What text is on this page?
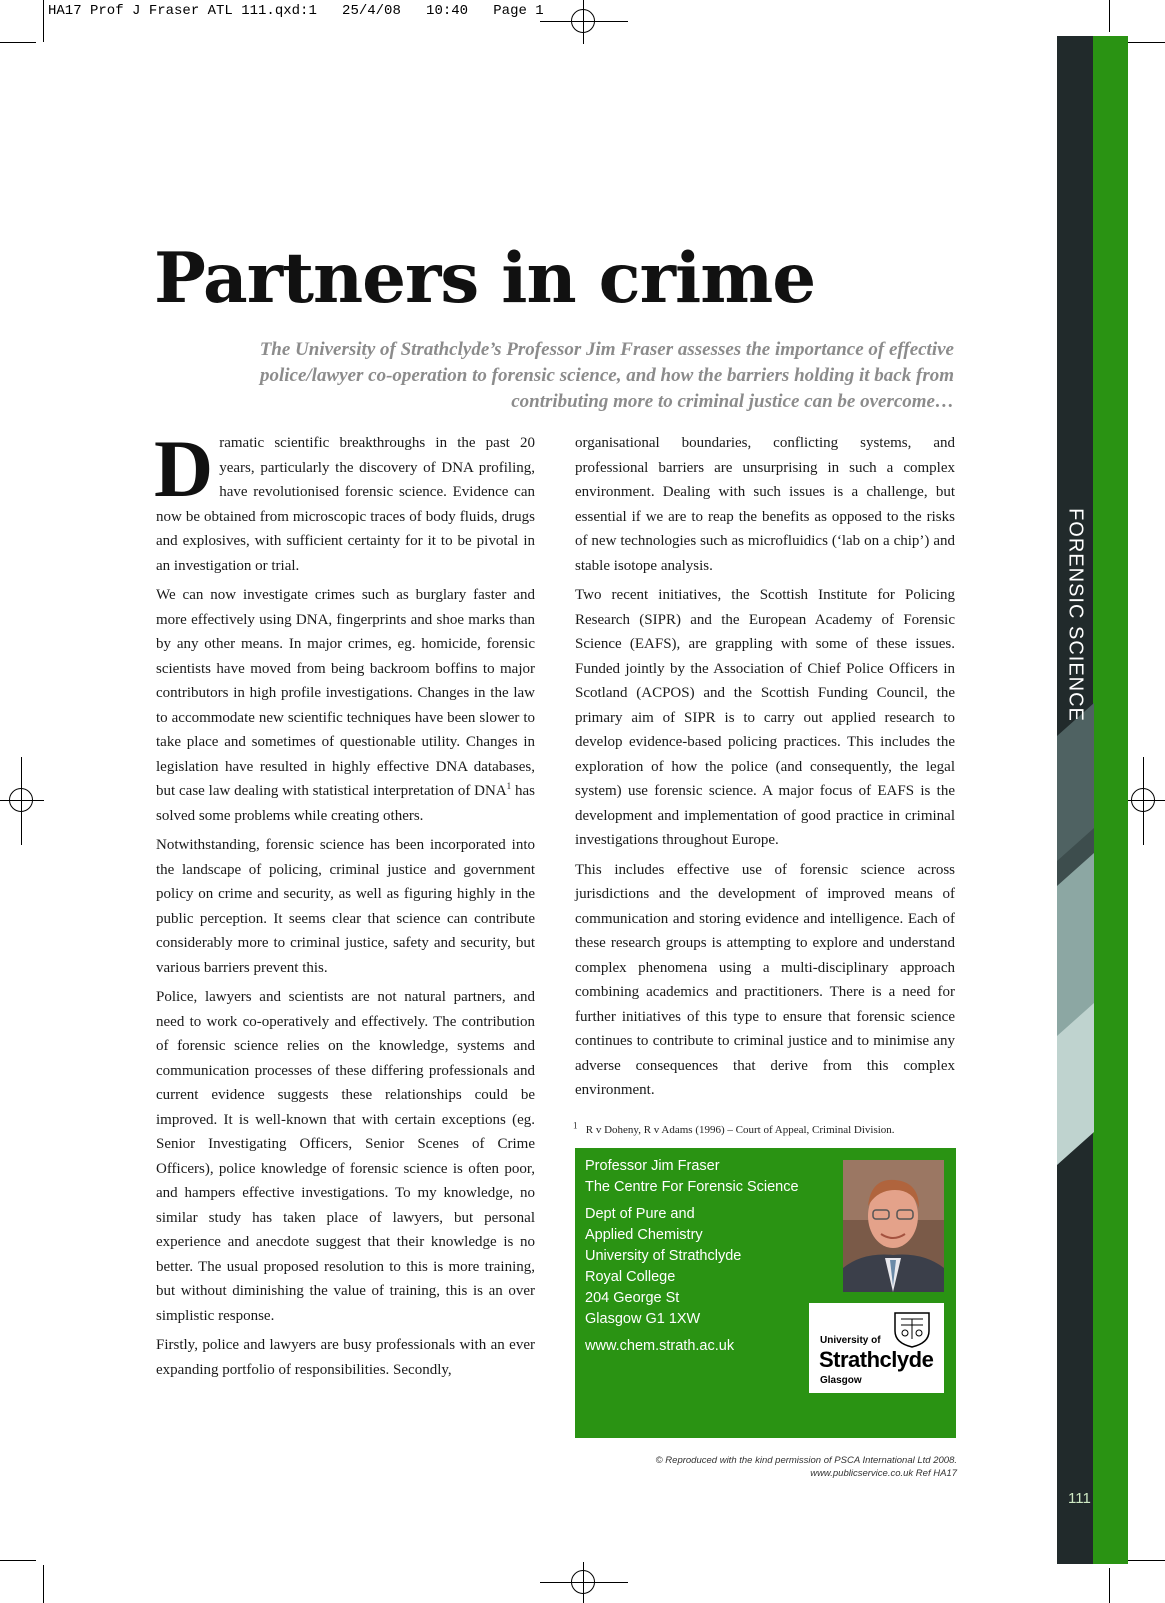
HA17 Prof J Fraser ATL 111.qxd:1   25/4/08   10:40   Page 1
FORENSIC SCIENCE
111
Partners in crime

The University of Strathclyde’s Professor Jim Fraser assesses the importance of effective police/lawyer co-operation to forensic science, and how the barriers holding it back from contributing more to criminal justice can be overcome…

Dramatic scientific breakthroughs in the past 20 years, particularly the discovery of DNA profiling, have revolutionised forensic science. Evidence can now be obtained from microscopic traces of body fluids, drugs and explosives, with sufficient certainty for it to be pivotal in an investigation or trial.

We can now investigate crimes such as burglary faster and more effectively using DNA, fingerprints and shoe marks than by any other means. In major crimes, eg. homicide, forensic scientists have moved from being backroom boffins to major contributors in high profile investigations. Changes in the law to accommodate new scientific techniques have been slower to take place and sometimes of questionable utility. Changes in legislation have resulted in highly effective DNA databases, but case law dealing with statistical interpretation of DNA$^1$ has solved some problems while creating others.

Notwithstanding, forensic science has been incorporated into the landscape of policing, criminal justice and government policy on crime and security, as well as figuring highly in the public perception. It seems clear that science can contribute considerably more to criminal justice, safety and security, but various barriers prevent this.

Police, lawyers and scientists are not natural partners, and need to work co-operatively and effectively. The contribution of forensic science relies on the knowledge, systems and communication processes of these differing professionals and current evidence suggests these relationships could be improved. It is well-known that with certain exceptions (eg. Senior Investigating Officers, Senior Scenes of Crime Officers), police knowledge of forensic science is often poor, and hampers effective investigations. To my knowledge, no similar study has taken place of lawyers, but personal experience and anecdote suggest that their knowledge is no better. The usual proposed resolution to this is more training, but without diminishing the value of training, this is an over simplistic response.

Firstly, police and lawyers are busy professionals with an ever expanding portfolio of responsibilities. Secondly,

organisational boundaries, conflicting systems, and professional barriers are unsurprising in such a complex environment. Dealing with such issues is a challenge, but essential if we are to reap the benefits as opposed to the risks of new technologies such as microfluidics (‘lab on a chip’) and stable isotope analysis.

Two recent initiatives, the Scottish Institute for Policing Research (SIPR) and the European Academy of Forensic Science (EAFS), are grappling with some of these issues. Funded jointly by the Association of Chief Police Officers in Scotland (ACPOS) and the Scottish Funding Council, the primary aim of SIPR is to carry out applied research to develop evidence-based policing practices. This includes the exploration of how the police (and consequently, the legal system) use forensic science. A major focus of EAFS is the development and implementation of good practice in criminal investigations throughout Europe.

This includes effective use of forensic science across jurisdictions and the development of improved means of communication and storing evidence and intelligence. Each of these research groups is attempting to explore and understand complex phenomena using a multi-disciplinary approach combining academics and practitioners. There is a need for further initiatives of this type to ensure that forensic science continues to contribute to criminal justice and to minimise any adverse consequences that derive from this complex environment.

$^1$ R v Doheny, R v Adams (1996) – Court of Appeal, Criminal Division.
Professor Jim Fraser
The Centre For Forensic Science
Dept of Pure and
Applied Chemistry
University of Strathclyde
Royal College
204 George St
Glasgow G1 1XW
www.chem.strath.ac.uk	University of
Strathclyde
Glasgow
© Reproduced with the kind permission of PSCA International Ltd 2008.
www.publicservice.co.uk Ref HA17
